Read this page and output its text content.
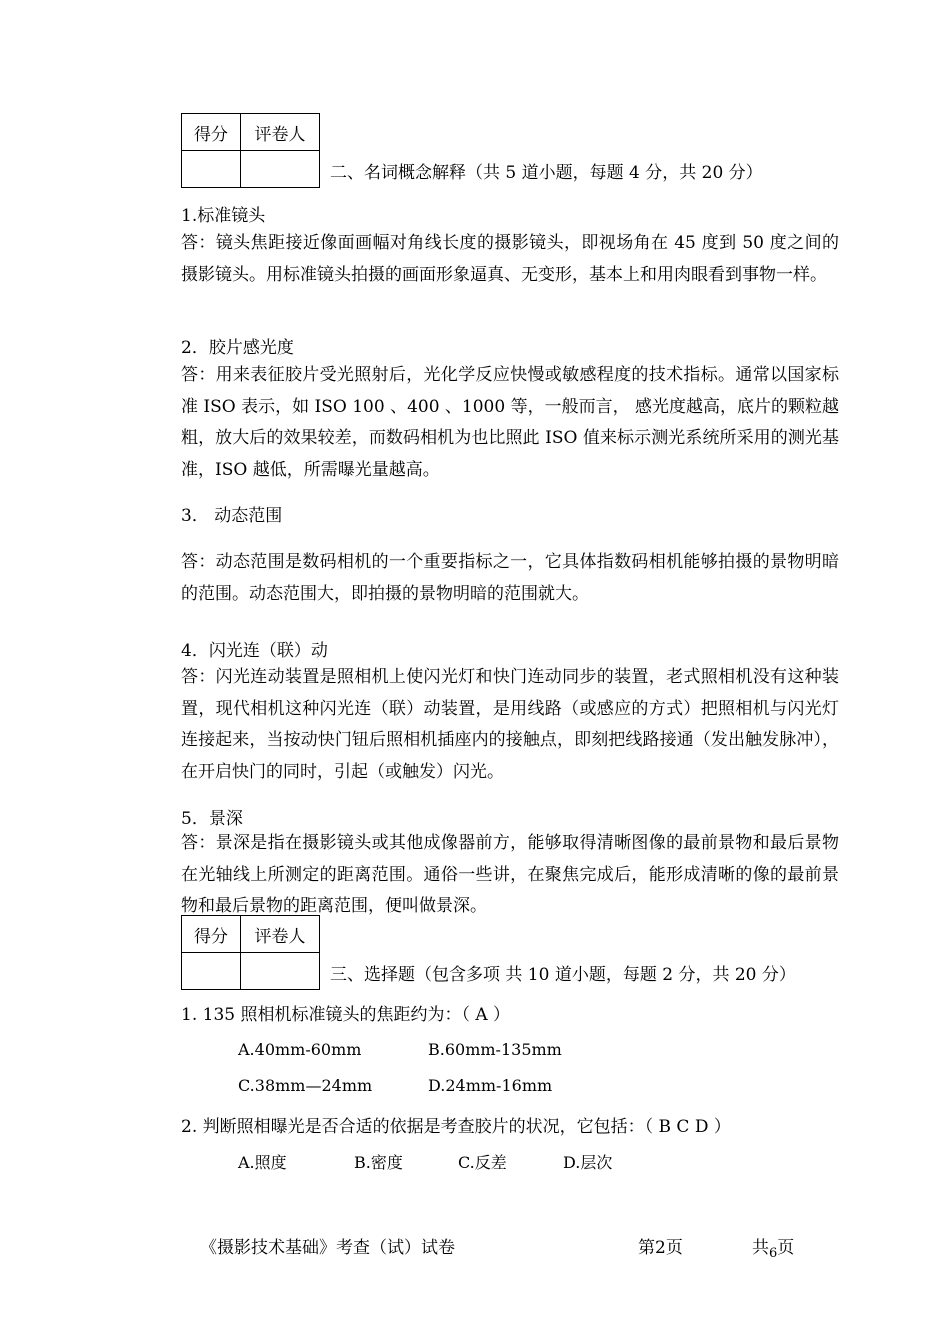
得分	评卷人

二、名词概念解释（共 5 道小题，每题 4 分，共 20 分）
1.标准镜头
答：镜头焦距接近像面画幅对角线长度的摄影镜头，即视场角在 45 度到 50 度之间的摄影镜头。用标准镜头拍摄的画面形象逼真、无变形，基本上和用肉眼看到事物一样。
2．胶片感光度
答：用来表征胶片受光照射后，光化学反应快慢或敏感程度的技术指标。通常以国家标准 ISO 表示，如 ISO 100 、400 、1000 等，一般而言， 感光度越高，底片的颗粒越粗，放大后的效果较差，而数码相机为也比照此 ISO 值来标示测光系统所采用的测光基准，ISO 越低，所需曝光量越高。
3． 动态范围
答：动态范围是数码相机的一个重要指标之一，它具体指数码相机能够拍摄的景物明暗的范围。动态范围大，即拍摄的景物明暗的范围就大。
4．闪光连（联）动
答：闪光连动装置是照相机上使闪光灯和快门连动同步的装置，老式照相机没有这种装置，现代相机这种闪光连（联）动装置，是用线路（或感应的方式）把照相机与闪光灯连接起来，当按动快门钮后照相机插座内的接触点，即刻把线路接通（发出触发脉冲），在开启快门的同时，引起（或触发）闪光。
5．景深
答：景深是指在摄影镜头或其他成像器前方，能够取得清晰图像的最前景物和最后景物在光轴线上所测定的距离范围。通俗一些讲，在聚焦完成后，能形成清晰的像的最前景物和最后景物的距离范围，便叫做景深。
得分	评卷人

三、选择题（包含多项 共 10 道小题，每题 2 分，共 20 分）
1. 135 照相机标准镜头的焦距约为：（ A ）
A.40mm-60mm	B.60mm-135mm
C.38mm—24mm	D.24mm-16mm
2. 判断照相曝光是否合适的依据是考查胶片的状况，它包括：（ B C D ）
A.照度	B.密度	C.反差	D.层次
《摄影技术基础》考查（试）试卷	第2页	共$_6$页
